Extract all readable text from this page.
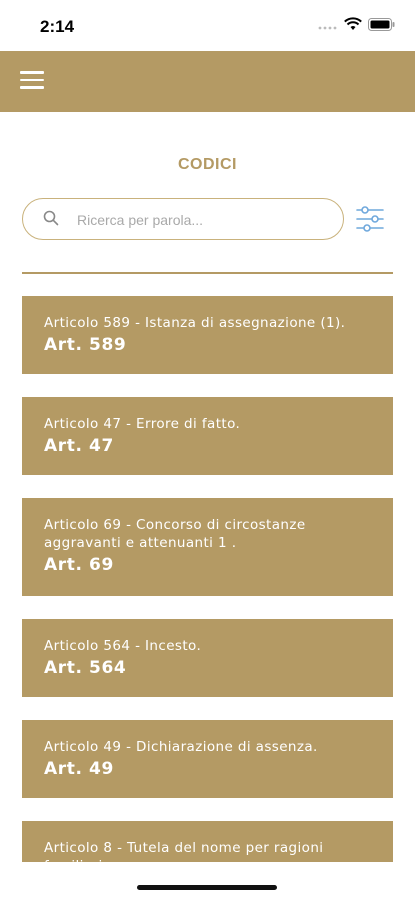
2:14
CODICI
Ricerca per parola...
Articolo 589 - Istanza di assegnazione (1).
Art. 589
Articolo 47 - Errore di fatto.
Art. 47
Articolo 69 - Concorso di circostanze aggravanti e attenuanti 1 .
Art. 69
Articolo 564 - Incesto.
Art. 564
Articolo 49 - Dichiarazione di assenza.
Art. 49
Articolo 8 - Tutela del nome per ragioni
